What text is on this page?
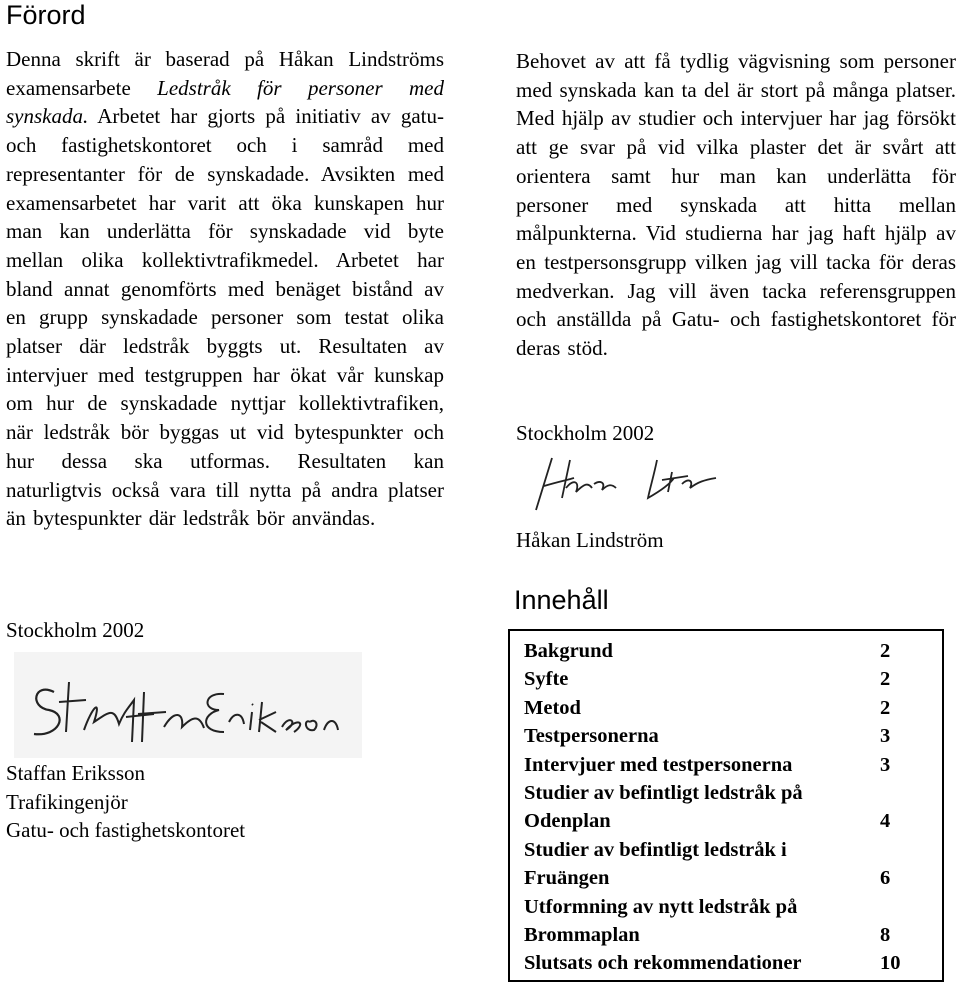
Förord

Denna skrift är baserad på Håkan Lindströms examensarbete Ledstråk för personer med synskada. Arbetet har gjorts på initiativ av gatu- och fastighetskontoret och i samråd med representanter för de synskadade. Avsikten med examensarbetet har varit att öka kunskapen hur man kan underlätta för synskadade vid byte mellan olika kollektivtrafikmedel. Arbetet har bland annat genomförts med benäget bistånd av en grupp synskadade personer som testat olika platser där ledstråk byggts ut. Resultaten av intervjuer med testgruppen har ökat vår kunskap om hur de synskadade nyttjar kollektivtrafiken, när ledstråk bör byggas ut vid bytespunkter och hur dessa ska utformas. Resultaten kan naturligtvis också vara till nytta på andra platser än bytespunkter där ledstråk bör användas.

Stockholm 2002
Staffan Eriksson
Staffan Eriksson
Trafikingenjör
Gatu- och fastighetskontoret

Behovet av att få tydlig vägvisning som personer med synskada kan ta del är stort på många platser. Med hjälp av studier och intervjuer har jag försökt att ge svar på vid vilka plaster det är svårt att orientera samt hur man kan underlätta för personer med synskada att hitta mellan målpunkterna. Vid studierna har jag haft hjälp av en testpersonsgrupp vilken jag vill tacka för deras medverkan. Jag vill även tacka referensgruppen och anställda på Gatu- och fastighetskontoret för deras stöd.

Stockholm 2002
Håkan Lindström
Håkan Lindström
Innehåll
Bakgrund	2
Syfte	2
Metod	2
Testpersonerna	3
Intervjuer med testpersonerna	3
Studier av befintligt ledstråk på
Odenplan	4
Studier av befintligt ledstråk i
Fruängen	6
Utformning av nytt ledstråk på
Brommaplan	8
Slutsats och rekommendationer	10
